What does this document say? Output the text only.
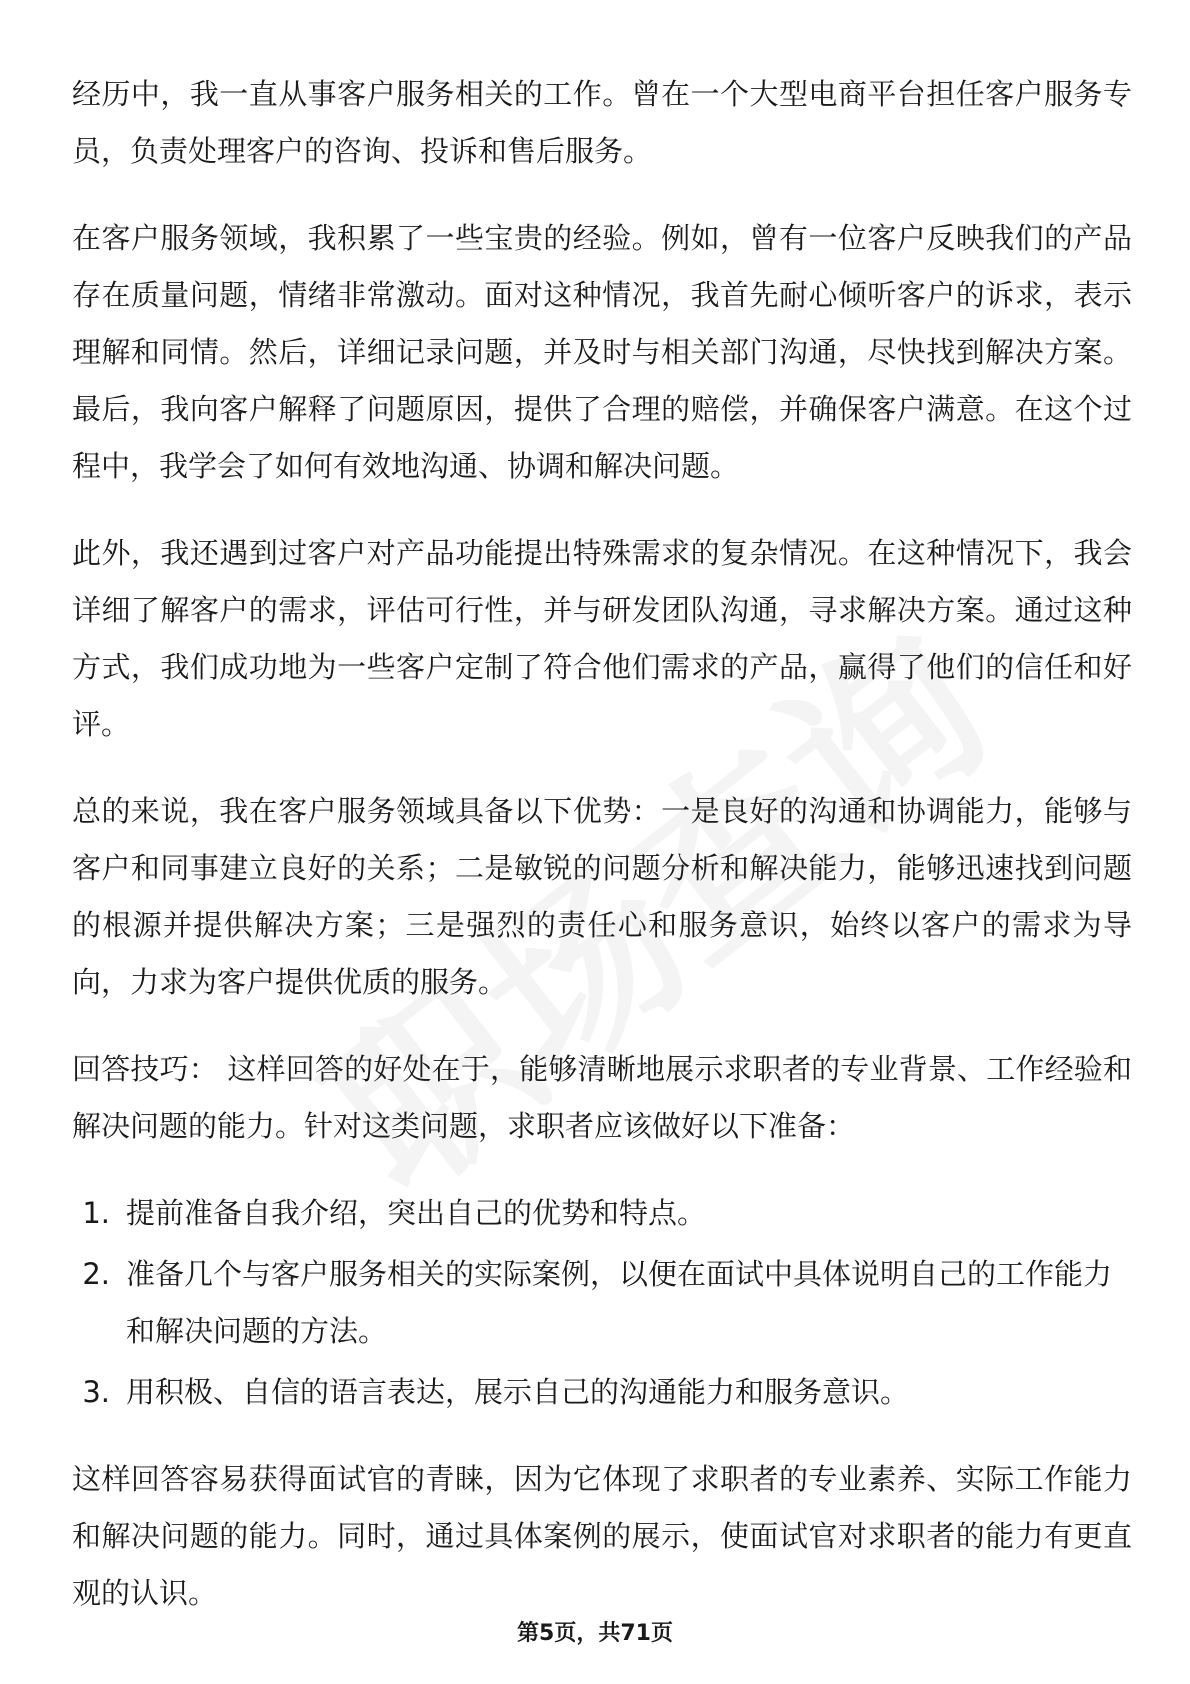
经历中，我一直从事客户服务相关的工作。曾在一个大型电商平台担任客户服务专员，负责处理客户的咨询、投诉和售后服务。

在客户服务领域，我积累了一些宝贵的经验。例如，曾有一位客户反映我们的产品存在质量问题，情绪非常激动。面对这种情况，我首先耐心倾听客户的诉求，表示理解和同情。然后，详细记录问题，并及时与相关部门沟通，尽快找到解决方案。最后，我向客户解释了问题原因，提供了合理的赔偿，并确保客户满意。在这个过程中，我学会了如何有效地沟通、协调和解决问题。

此外，我还遇到过客户对产品功能提出特殊需求的复杂情况。在这种情况下，我会详细了解客户的需求，评估可行性，并与研发团队沟通，寻求解决方案。通过这种方式，我们成功地为一些客户定制了符合他们需求的产品，赢得了他们的信任和好评。

总的来说，我在客户服务领域具备以下优势：一是良好的沟通和协调能力，能够与客户和同事建立良好的关系；二是敏锐的问题分析和解决能力，能够迅速找到问题的根源并提供解决方案；三是强烈的责任心和服务意识，始终以客户的需求为导向，力求为客户提供优质的服务。

回答技巧： 这样回答的好处在于，能够清晰地展示求职者的专业背景、工作经验和解决问题的能力。针对这类问题，求职者应该做好以下准备：

1. 提前准备自我介绍，突出自己的优势和特点。
2. 准备几个与客户服务相关的实际案例，以便在面试中具体说明自己的工作能力和解决问题的方法。
3. 用积极、自信的语言表达，展示自己的沟通能力和服务意识。

这样回答容易获得面试官的青睐，因为它体现了求职者的专业素养、实际工作能力和解决问题的能力。同时，通过具体案例的展示，使面试官对求职者的能力有更直观的认识。

第5页，共71页
